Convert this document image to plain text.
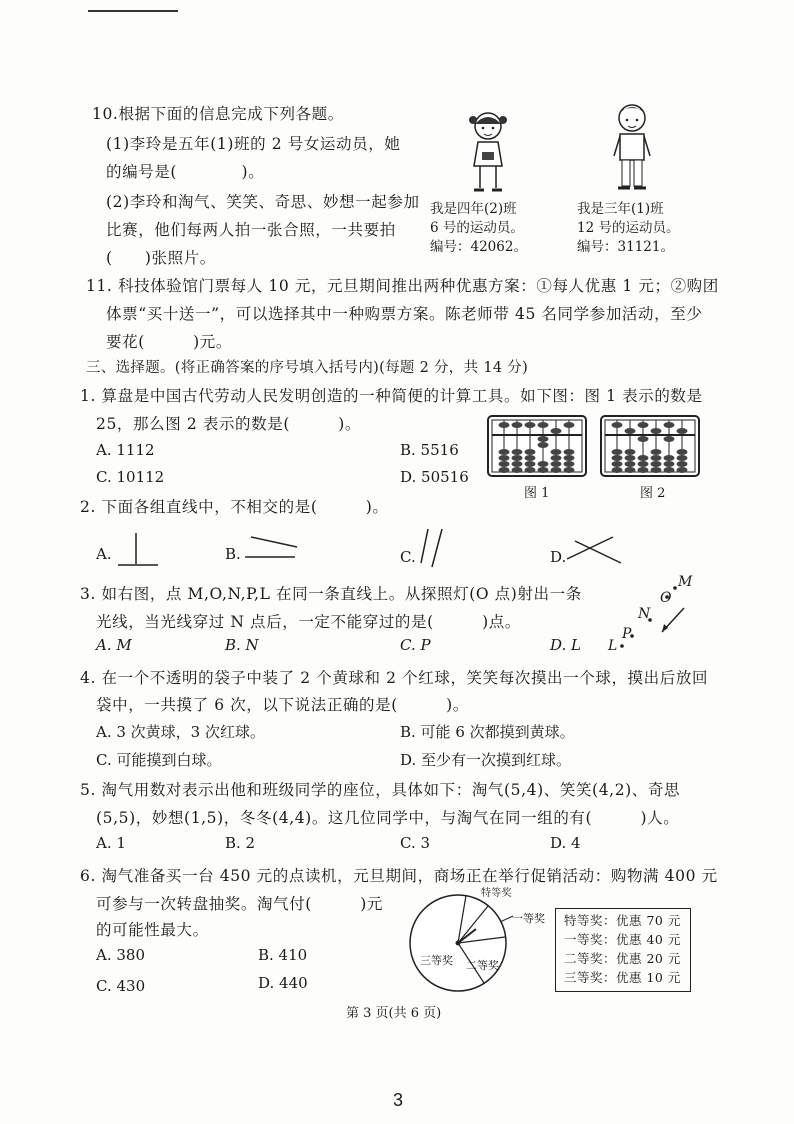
10.根据下面的信息完成下列各题。
(1)李玲是五年(1)班的 2 号女运动员，她
的编号是(　　　　)。
(2)李玲和淘气、笑笑、奇思、妙想一起参加
比赛，他们每两人拍一张合照，一共要拍
(　　)张照片。
我是四年(2)班
6 号的运动员。
编号：42062。
我是三年(1)班
12 号的运动员。
编号：31121。
11. 科技体验馆门票每人 10 元，元旦期间推出两种优惠方案：①每人优惠 1 元；②购团
体票“买十送一”，可以选择其中一种购票方案。陈老师带 45 名同学参加活动，至少
要花(　　　)元。
三、选择题。(将正确答案的序号填入括号内)(每题 2 分，共 14 分)
1. 算盘是中国古代劳动人民发明创造的一种简便的计算工具。如下图：图 1 表示的数是
25，那么图 2 表示的数是(　　　)。
A. 1112	B. 5516
C. 10112	D. 50516
图 1	图 2
2. 下面各组直线中，不相交的是(　　　)。
A.	B.	C.	D.
3. 如右图，点 M,O,N,P,L 在同一条直线上。从探照灯(O 点)射出一条
光线，当光线穿过 N 点后，一定不能穿过的是(　　　)点。
A. M	B. N	C. P	D. L
M
O
N
P
L
4. 在一个不透明的袋子中装了 2 个黄球和 2 个红球，笑笑每次摸出一个球，摸出后放回
袋中，一共摸了 6 次，以下说法正确的是(　　　)。
A. 3 次黄球，3 次红球。	B. 可能 6 次都摸到黄球。
C. 可能摸到白球。	D. 至少有一次摸到红球。
5. 淘气用数对表示出他和班级同学的座位，具体如下：淘气(5,4)、笑笑(4,2)、奇思
(5,5)，妙想(1,5)，冬冬(4,4)。这几位同学中，与淘气在同一组的有(　　　)人。
A. 1	B. 2	C. 3	D. 4
6. 淘气准备买一台 450 元的点读机，元旦期间，商场正在举行促销活动：购物满 400 元
可参与一次转盘抽奖。淘气付(　　　)元
的可能性最大。
A. 380	B. 410
C. 430	D. 440
特等奖
一等奖
二等奖
三等奖
特等奖：优惠 70 元
一等奖：优惠 40 元
二等奖：优惠 20 元
三等奖：优惠 10 元
第 3 页(共 6 页)
3
